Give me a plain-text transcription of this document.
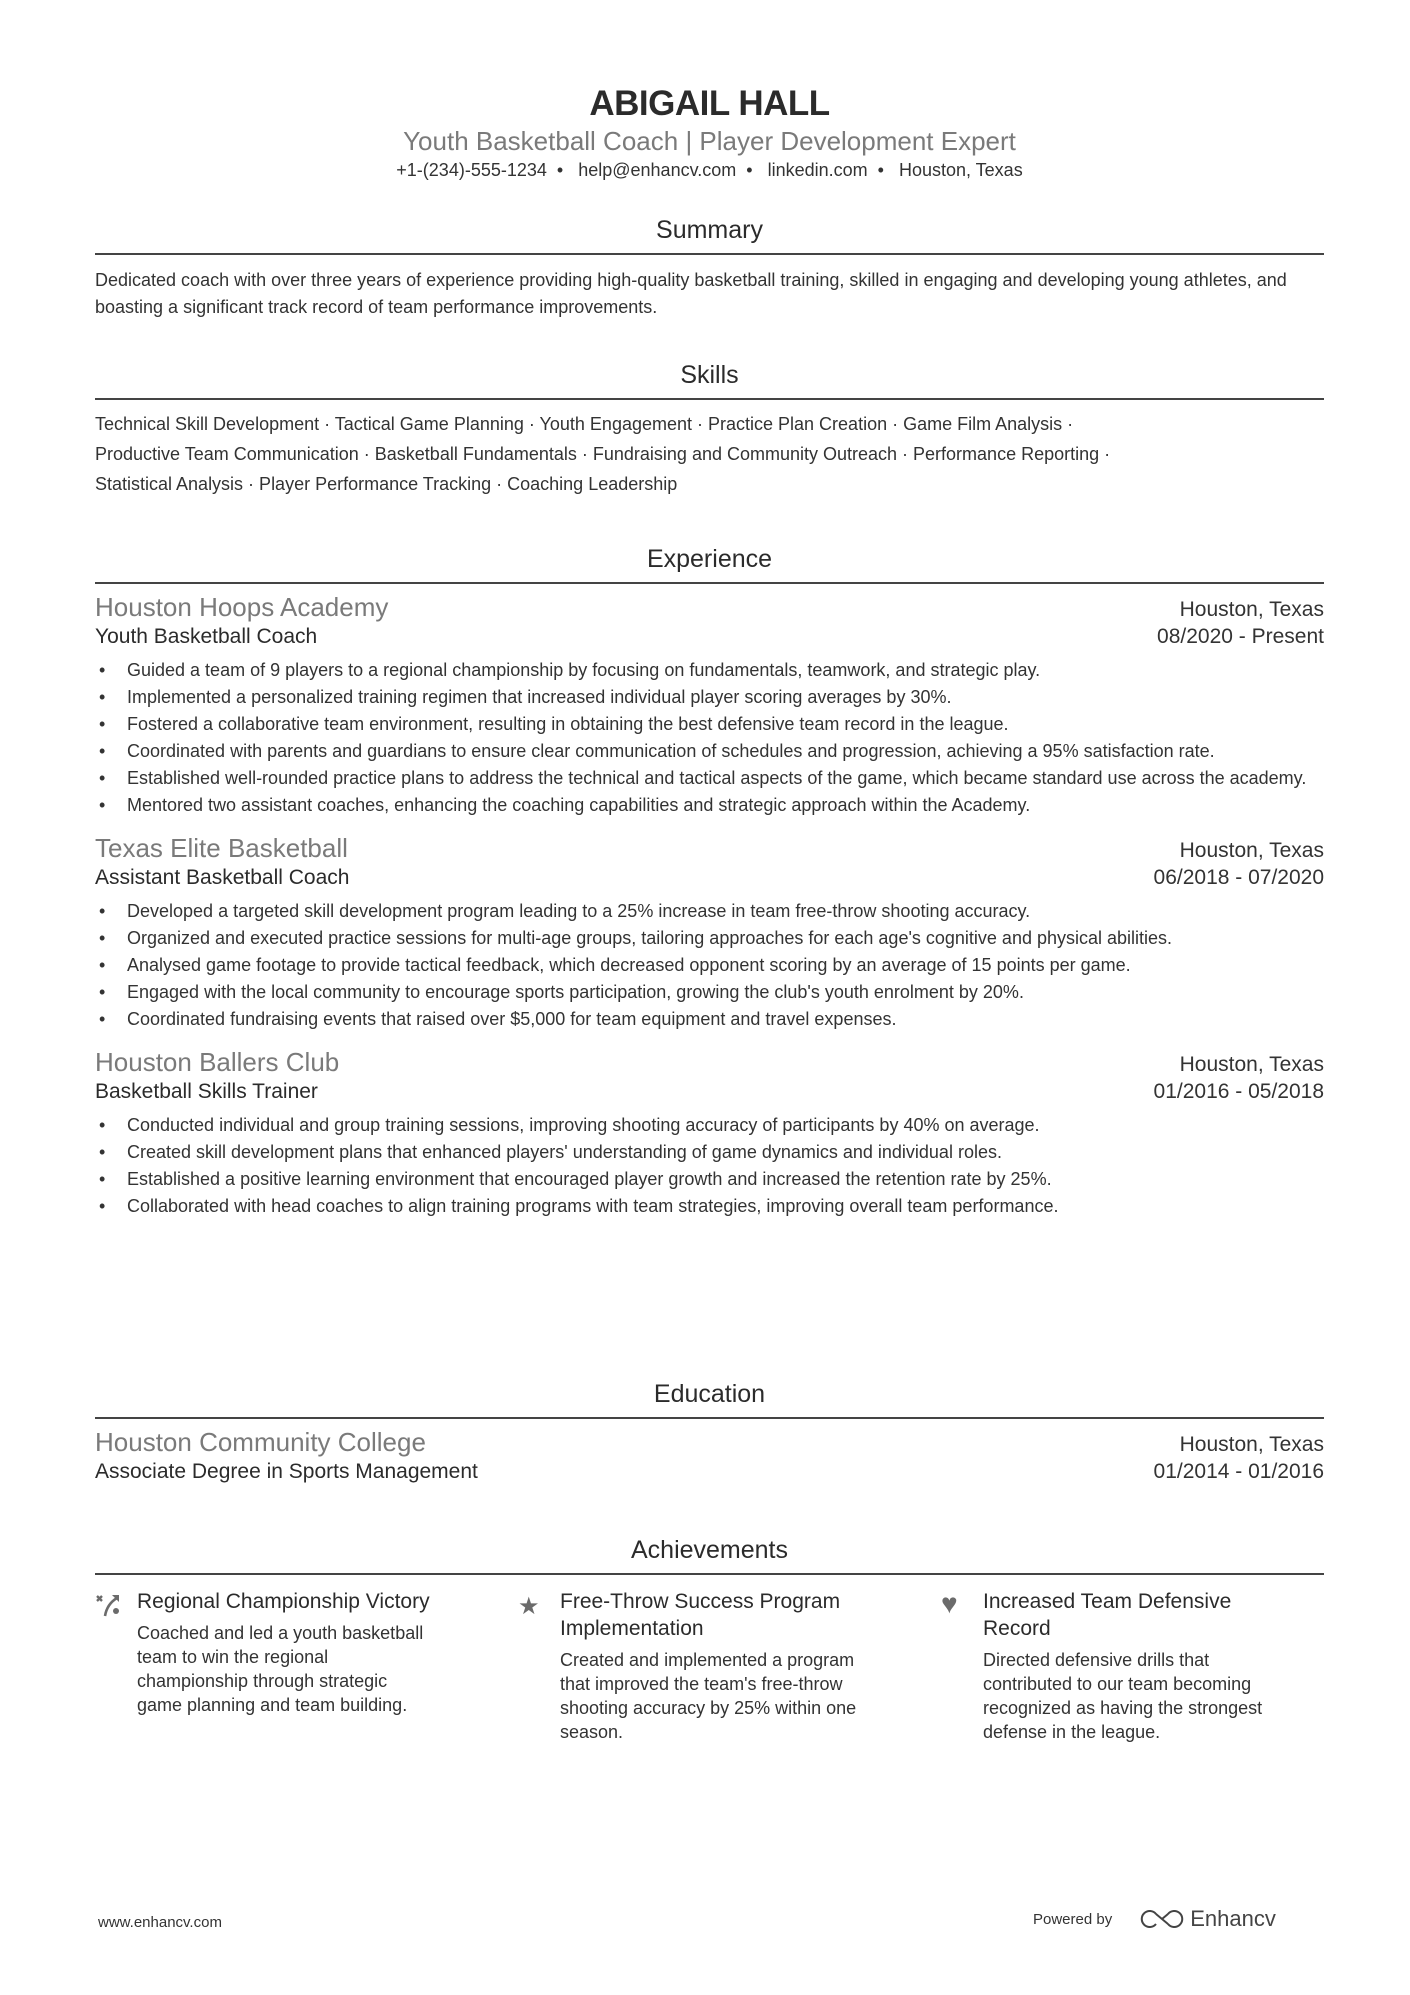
ABIGAIL HALL
Youth Basketball Coach | Player Development Expert
+1-(234)-555-1234 • help@enhancv.com • linkedin.com • Houston, Texas
Summary

Dedicated coach with over three years of experience providing high-quality basketball training, skilled in engaging and developing young athletes, and boasting a significant track record of team performance improvements.

Skills
Technical Skill Development · Tactical Game Planning · Youth Engagement · Practice Plan Creation · Game Film Analysis ·
Productive Team Communication · Basketball Fundamentals · Fundraising and Community Outreach · Performance Reporting ·
Statistical Analysis · Player Performance Tracking · Coaching Leadership
Experience
Houston Hoops Academy	Houston, Texas
Youth Basketball Coach	08/2020 - Present
• Guided a team of 9 players to a regional championship by focusing on fundamentals, teamwork, and strategic play.
• Implemented a personalized training regimen that increased individual player scoring averages by 30%.
• Fostered a collaborative team environment, resulting in obtaining the best defensive team record in the league.
• Coordinated with parents and guardians to ensure clear communication of schedules and progression, achieving a 95% satisfaction rate.
• Established well-rounded practice plans to address the technical and tactical aspects of the game, which became standard use across the academy.
• Mentored two assistant coaches, enhancing the coaching capabilities and strategic approach within the Academy.
Texas Elite Basketball	Houston, Texas
Assistant Basketball Coach	06/2018 - 07/2020
• Developed a targeted skill development program leading to a 25% increase in team free-throw shooting accuracy.
• Organized and executed practice sessions for multi-age groups, tailoring approaches for each age's cognitive and physical abilities.
• Analysed game footage to provide tactical feedback, which decreased opponent scoring by an average of 15 points per game.
• Engaged with the local community to encourage sports participation, growing the club's youth enrolment by 20%.
• Coordinated fundraising events that raised over $5,000 for team equipment and travel expenses.
Houston Ballers Club	Houston, Texas
Basketball Skills Trainer	01/2016 - 05/2018
• Conducted individual and group training sessions, improving shooting accuracy of participants by 40% on average.
• Created skill development plans that enhanced players' understanding of game dynamics and individual roles.
• Established a positive learning environment that encouraged player growth and increased the retention rate by 25%.
• Collaborated with head coaches to align training programs with team strategies, improving overall team performance.
Education
Houston Community College	Houston, Texas
Associate Degree in Sports Management	01/2014 - 01/2016
Achievements
Regional Championship Victory

Coached and led a youth basketball team to win the regional championship through strategic game planning and team building.

★ Free-Throw Success Program Implementation

Created and implemented a program that improved the team's free-throw shooting accuracy by 25% within one season.

♥	Increased Team Defensive Record

Directed defensive drills that contributed to our team becoming recognized as having the strongest defense in the league.

www.enhancv.com	Powered by	Enhancv
